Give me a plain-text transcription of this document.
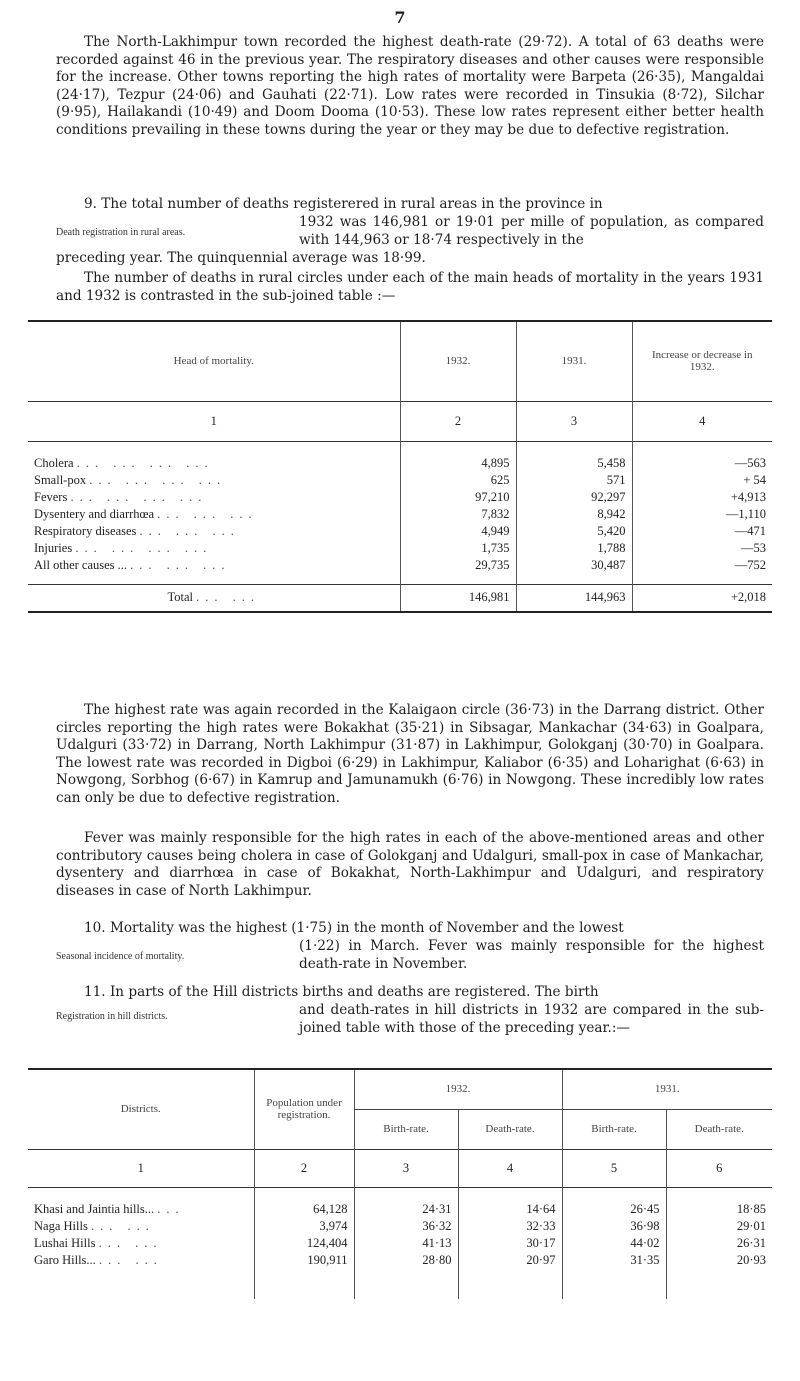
7

The North-Lakhimpur town recorded the highest death-rate (29·72). A total of 63 deaths were recorded against 46 in the previous year. The respiratory diseases and other causes were responsible for the increase. Other towns reporting the high rates of mortality were Barpeta (26·35), Mangaldai (24·17), Tezpur (24·06) and Gauhati (22·71). Low rates were recorded in Tinsukia (8·72), Silchar (9·95), Hailakandi (10·49) and Doom Dooma (10·53). These low rates represent either better health conditions prevailing in these towns during the year or they may be due to defective registration.

9. The total number of deaths registerered in rural areas in the province in

Death registration in rural areas.
1932 was 146,981 or 19·01 per mille of population, as compared with 144,963 or 18·74 respectively in the

preceding year. The quinquennial average was 18·99.

The number of deaths in rural circles under each of the main heads of mortality in the years 1931 and 1932 is contrasted in the sub-joined table :—

Head of mortality.	1932.	1931.	Increase or decrease in 1932.
1	2	3	4

Cholera ... ... ... ...	4,895	5,458	—563
Small-pox ... ... ... ...	625	571	+ 54
Fevers ... ... ... ...	97,210	92,297	+4,913
Dysentery and diarrhœa ... ... ...	7,832	8,942	—1,110
Respiratory diseases ... ... ...	4,949	5,420	—471
Injuries ... ... ... ...	1,735	1,788	—53
All other causes ... ... ... ...	29,735	30,487	—752

Total ... ...	146,981	144,963	+2,018

The highest rate was again recorded in the Kalaigaon circle (36·73) in the Darrang district. Other circles reporting the high rates were Bokakhat (35·21) in Sibsagar, Mankachar (34·63) in Goalpara, Udalguri (33·72) in Darrang, North Lakhimpur (31·87) in Lakhimpur, Golokganj (30·70) in Goalpara. The lowest rate was recorded in Digboi (6·29) in Lakhimpur, Kaliabor (6·35) and Loharighat (6·63) in Nowgong, Sorbhog (6·67) in Kamrup and Jamunamukh (6·76) in Nowgong. These incredibly low rates can only be due to defective registration.

Fever was mainly responsible for the high rates in each of the above-mentioned areas and other contributory causes being cholera in case of Golokganj and Udalguri, small-pox in case of Mankachar, dysentery and diarrhœa in case of Bokakhat, North-Lakhimpur and Udalguri, and respiratory diseases in case of North Lakhimpur.

10. Mortality was the highest (1·75) in the month of November and the lowest

Seasonal incidence of mortality.
(1·22) in March. Fever was mainly responsible for the highest death-rate in November.

11. In parts of the Hill districts births and deaths are registered. The birth

Registration in hill districts.	and death-rates in hill districts in 1932 are compared in the sub-joined table with those of the preceding year.:—
Districts.	Population under registration.	1932.		1931.	
		Birth-rate.	Death-rate.	Birth-rate.	Death-rate.
1	2	3	4	5	6

Khasi and Jaintia hills... ...	64,128	24·31	14·64	26·45	18·85
Naga Hills ... ...	3,974	36·32	32·33	36·98	29·01
Lushai Hills ... ...	124,404	41·13	30·17	44·02	26·31
Garo Hills... ... ...	190,911	28·80	20·97	31·35	20·93
